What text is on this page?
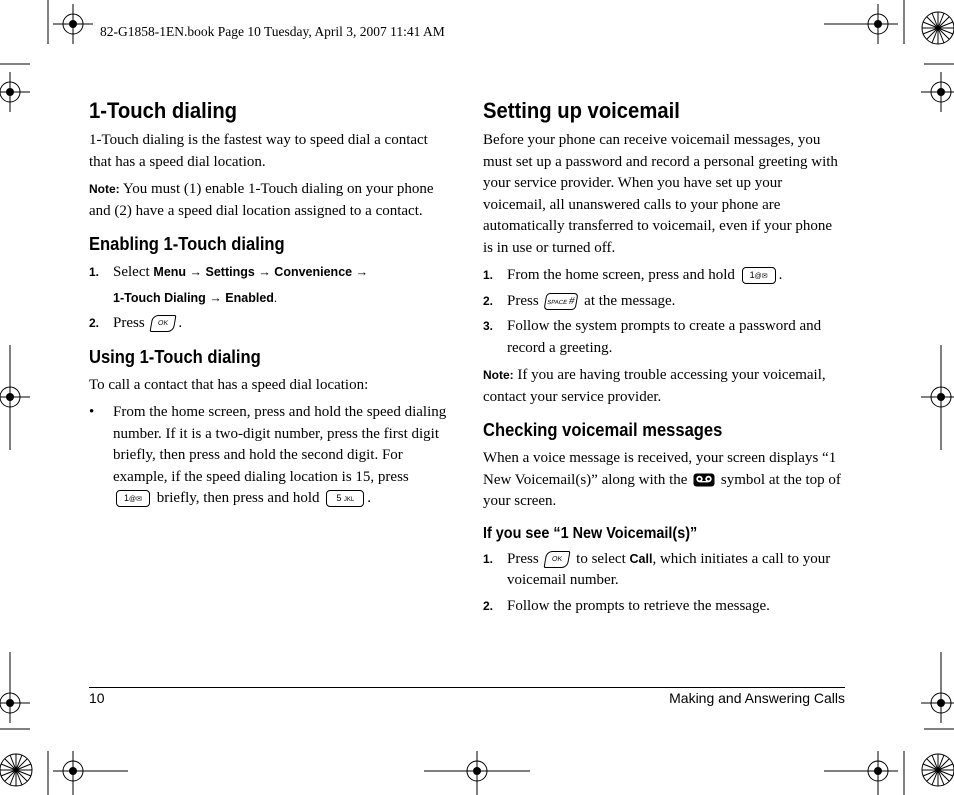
82-G1858-1EN.book Page 10 Tuesday, April 3, 2007 11:41 AM
1-Touch dialing

1-Touch dialing is the fastest way to speed dial a contact that has a speed dial location.

Note: You must (1) enable 1-Touch dialing on your phone and (2) have a speed dial location assigned to a contact.

Enabling 1-Touch dialing
1. Select Menu → Settings → Convenience →
1-Touch Dialing → Enabled.
2. Press OK .
Using 1-Touch dialing

To call a contact that has a speed dial location:

• From the home screen, press and hold the speed dialing number. If it is a two-digit number, press the first digit briefly, then press and hold the second digit. For example, if the speed dialing location is 15, press 1@✉ briefly, then press and hold 5 JKL .
Setting up voicemail

Before your phone can receive voicemail messages, you must set up a password and record a personal greeting with your service provider. When you have set up your voicemail, all unanswered calls to your phone are automatically transferred to voicemail, even if your phone is in use or turned off.

1. From the home screen, press and hold 1@✉ .
2. Press SPACE # at the message.
3. Follow the system prompts to create a password and record a greeting.

Note: If you are having trouble accessing your voicemail, contact your service provider.

Checking voicemail messages

When a voice message is received, your screen displays “1 New Voicemail(s)” along with the symbol at the top of your screen.

If you see “1 New Voicemail(s)”
1. Press OK to select Call, which initiates a call to your voicemail number.
2. Follow the prompts to retrieve the message.
10	Making and Answering Calls
